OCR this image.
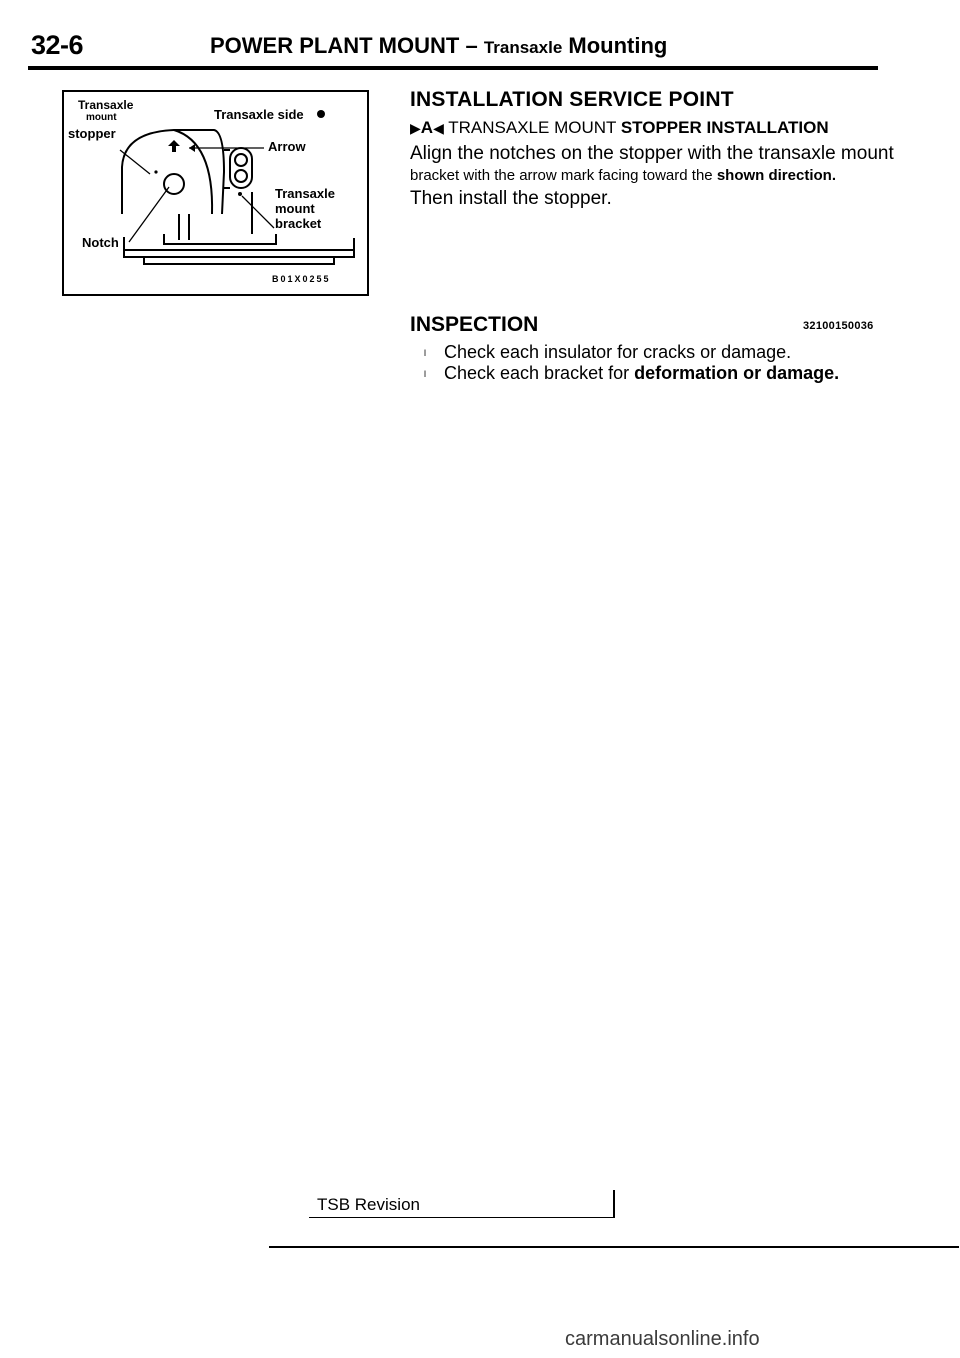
32-6	POWER PLANT MOUNT – Transaxle Mounting
Transaxle
mount
stopper
Transaxle side
Arrow
Transaxle
mount
bracket
Notch
B01X0255
INSTALLATION SERVICE POINT
▶A◀ TRANSAXLE MOUNT STOPPER INSTALLATION
Align the notches on the stopper with the transaxle mount
bracket with the arrow mark facing toward the shown direction.
Then install the stopper.
INSPECTION	32100150036
l Check each insulator for cracks or damage.
l Check each bracket for deformation or damage.
TSB Revision
carmanualsonline.info
